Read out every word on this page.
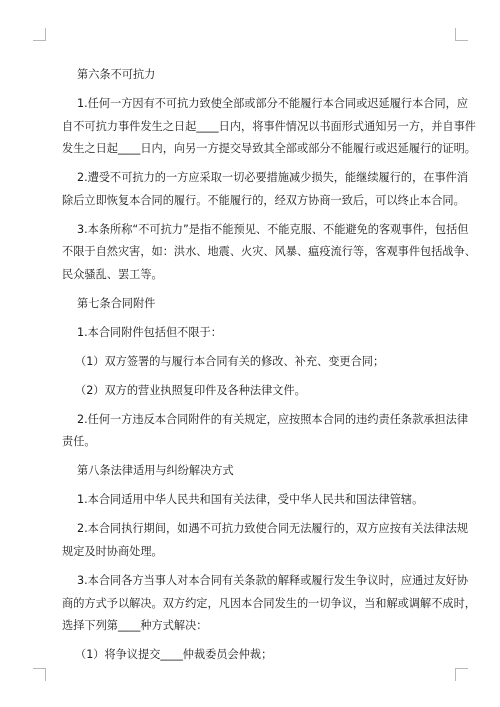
第六条不可抗力
1.任何一方因有不可抗力致使全部或部分不能履行本合同或迟延履行本合同，应
自不可抗力事件发生之日起____日内，将事件情况以书面形式通知另一方，并自事件
发生之日起____日内，向另一方提交导致其全部或部分不能履行或迟延履行的证明。
2.遭受不可抗力的一方应采取一切必要措施减少损失，能继续履行的，在事件消
除后立即恢复本合同的履行。不能履行的，经双方协商一致后，可以终止本合同。
3.本条所称“不可抗力”是指不能预见、不能克服、不能避免的客观事件，包括但
不限于自然灾害，如：洪水、地震、火灾、风暴、瘟疫流行等，客观事件包括战争、
民众骚乱、罢工等。
第七条合同附件
1.本合同附件包括但不限于：
（1）双方签署的与履行本合同有关的修改、补充、变更合同；
（2）双方的营业执照复印件及各种法律文件。
2.任何一方违反本合同附件的有关规定，应按照本合同的违约责任条款承担法律
责任。
第八条法律适用与纠纷解决方式
1.本合同适用中华人民共和国有关法律，受中华人民共和国法律管辖。
2.本合同执行期间，如遇不可抗力致使合同无法履行的，双方应按有关法律法规
规定及时协商处理。
3.本合同各方当事人对本合同有关条款的解释或履行发生争议时，应通过友好协
商的方式予以解决。双方约定，凡因本合同发生的一切争议，当和解或调解不成时，
选择下列第____种方式解决：
（1）将争议提交____仲裁委员会仲裁；
